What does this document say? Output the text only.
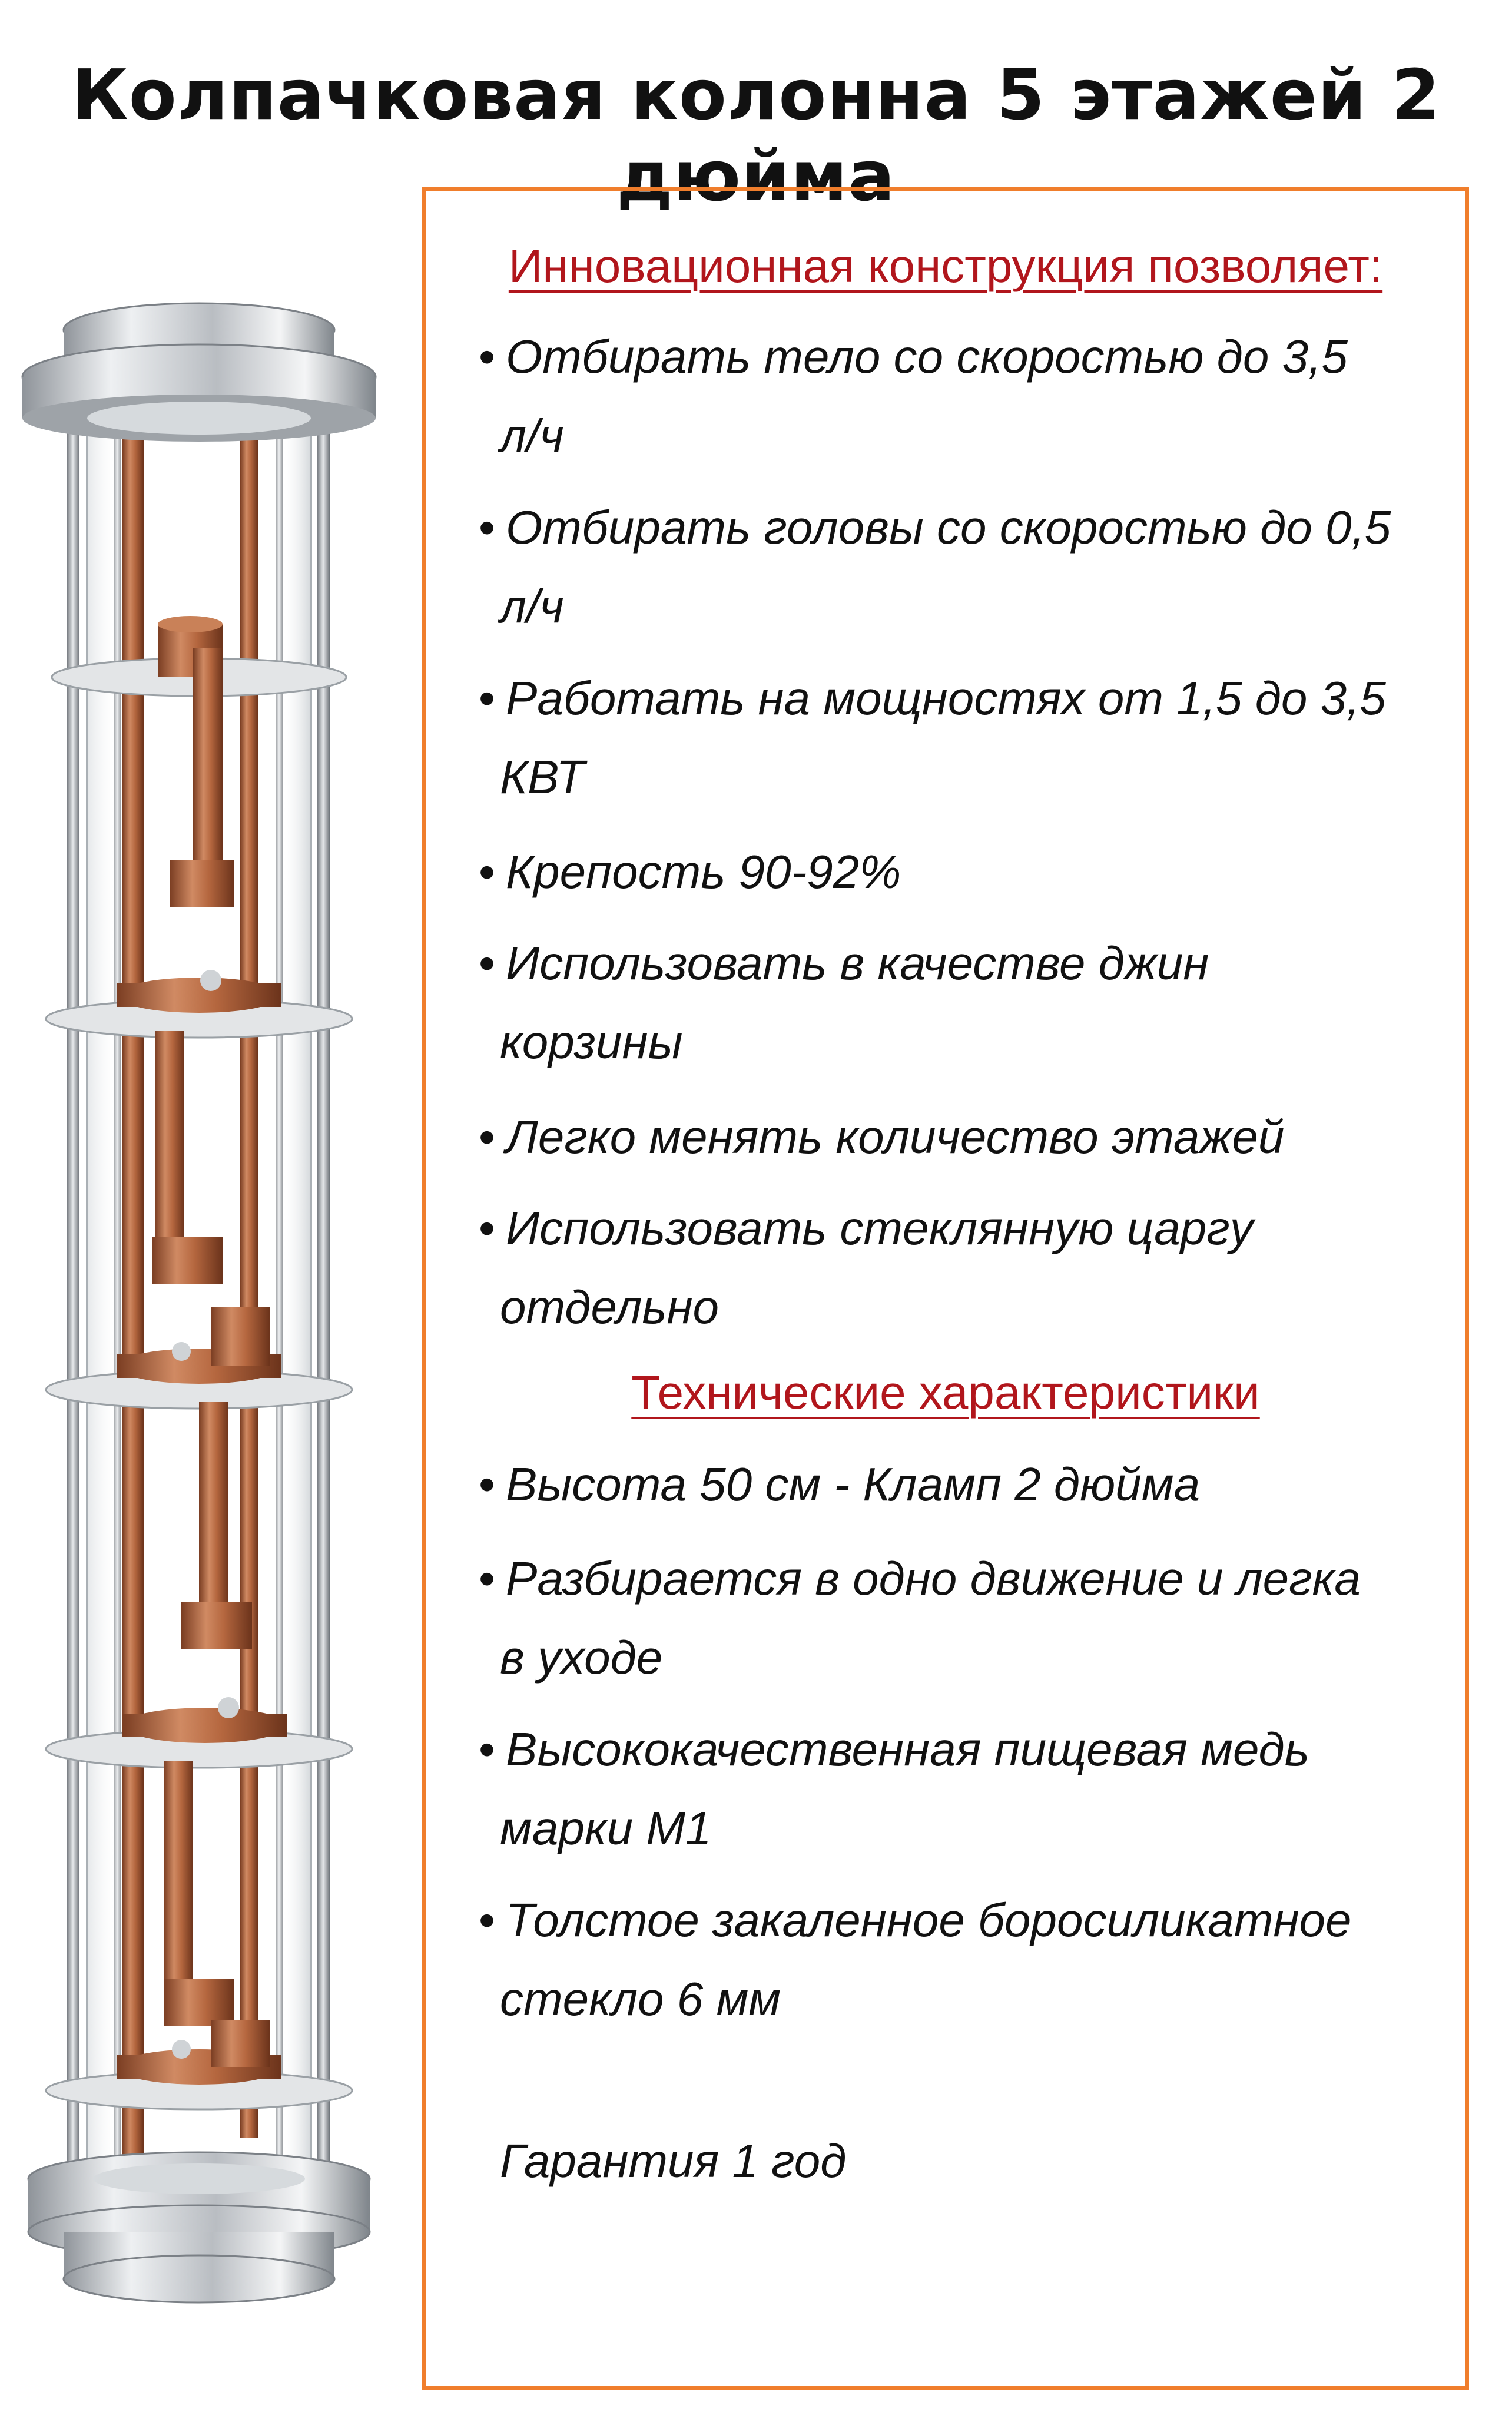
Колпачковая колонна 5 этажей 2 дюйма
Инновационная конструкция позволяет:
• Отбирать тело со скоростью до 3,5
л/ч
• Отбирать головы со скоростью до 0,5
л/ч
• Работать на мощностях от 1,5 до 3,5
КВТ
• Крепость 90-92%
• Использовать в качестве джин
корзины
• Легко менять количество этажей
• Использовать стеклянную царгу
отдельно
Технические характеристики
• Высота 50 см - Кламп 2 дюйма
• Разбирается в одно движение и легка
в уходе
• Высококачественная пищевая медь
марки М1
• Толстое закаленное боросиликатное
стекло 6 мм
Гарантия 1 год
